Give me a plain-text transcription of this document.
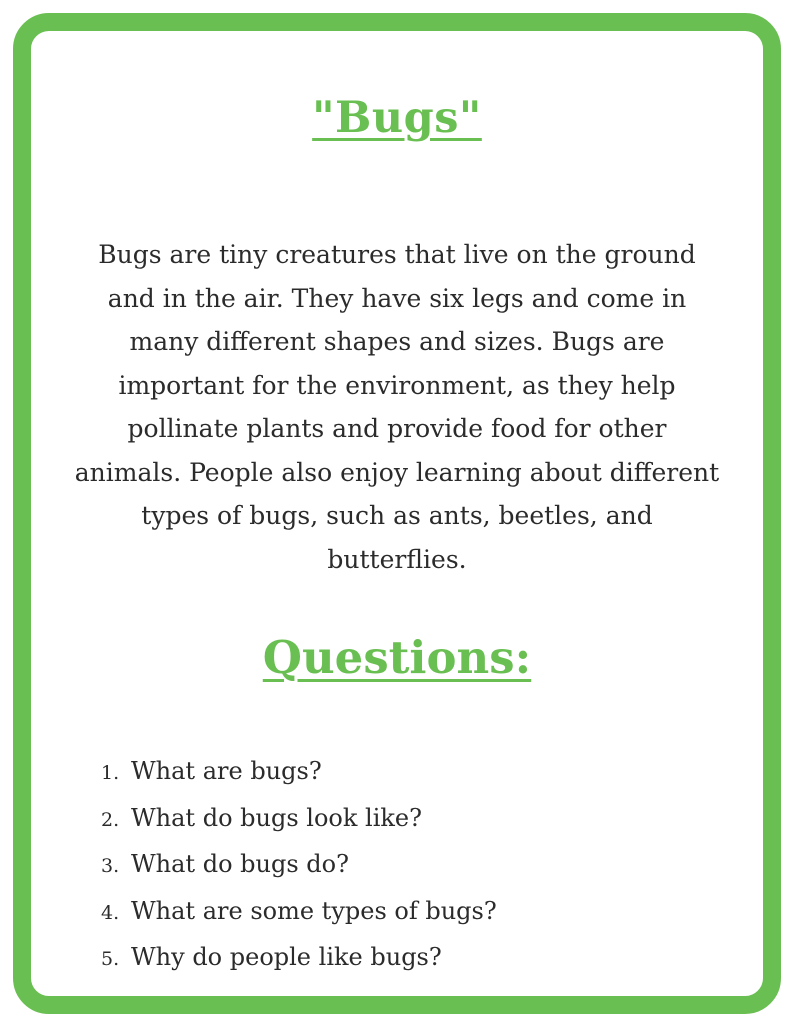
"Bugs"

Bugs are tiny creatures that live on the ground and in the air. They have six legs and come in many different shapes and sizes. Bugs are important for the environment, as they help pollinate plants and provide food for other animals. People also enjoy learning about different types of bugs, such as ants, beetles, and butterflies.

Questions:
1. What are bugs?
2. What do bugs look like?
3. What do bugs do?
4. What are some types of bugs?
5. Why do people like bugs?
